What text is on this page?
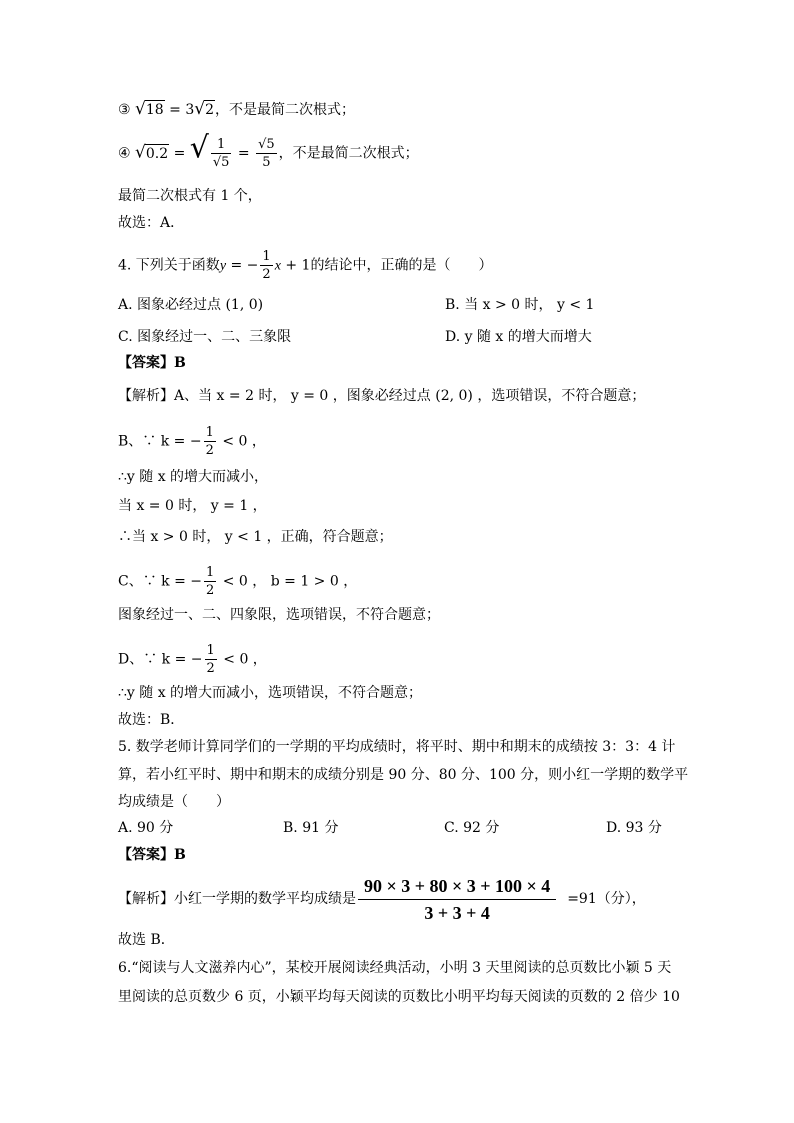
③ √18 = 3√2，不是最简二次根式；
④ √0.2 = √ $\frac{1}{√5} = \frac{√5}{5}$ ，不是最简二次根式；
最简二次根式有 1 个，
故选：A．
4. 下列关于函数y = − $\frac{1}{2}$ x + 1的结论中，正确的是（　　）
A. 图象必经过点 (1, 0)	B. 当 x > 0 时， y < 1
C. 图象经过一、二、三象限	D. y 随 x 的增大而增大
【答案】B
【解析】A、当 x = 2 时， y = 0 ，图象必经过点 (2, 0) ，选项错误，不符合题意；
B、∵ k = − $\frac{1}{2} < 0$ ，
∴y 随 x 的增大而减小，
当 x = 0 时， y = 1 ，
∴当 x > 0 时， y < 1 ，正确，符合题意；
C、∵ k = − $\frac{1}{2} < 0$ ， b = 1 > 0 ，
图象经过一、二、四象限，选项错误，不符合题意；
D、∵ k = − $\frac{1}{2} < 0$ ，
∴y 随 x 的增大而减小，选项错误，不符合题意；
故选：B．
5. 数学老师计算同学们的一学期的平均成绩时，将平时、期中和期末的成绩按 3：3：4 计
算，若小红平时、期中和期末的成绩分别是 90 分、80 分、100 分，则小红一学期的数学平
均成绩是（　　）
A. 90 分	B. 91 分	C. 92 分	D. 93 分
【答案】B
【解析】小红一学期的数学平均成绩是 $\frac{90 \times 3 + 80 \times 3 + 100 \times 4}{3 + 3 + 4} =91$（分），
故选 B．
6.“阅读与人文滋养内心”，某校开展阅读经典活动，小明 3 天里阅读的总页数比小颖 5 天
里阅读的总页数少 6 页，小颖平均每天阅读的页数比小明平均每天阅读的页数的 2 倍少 10
